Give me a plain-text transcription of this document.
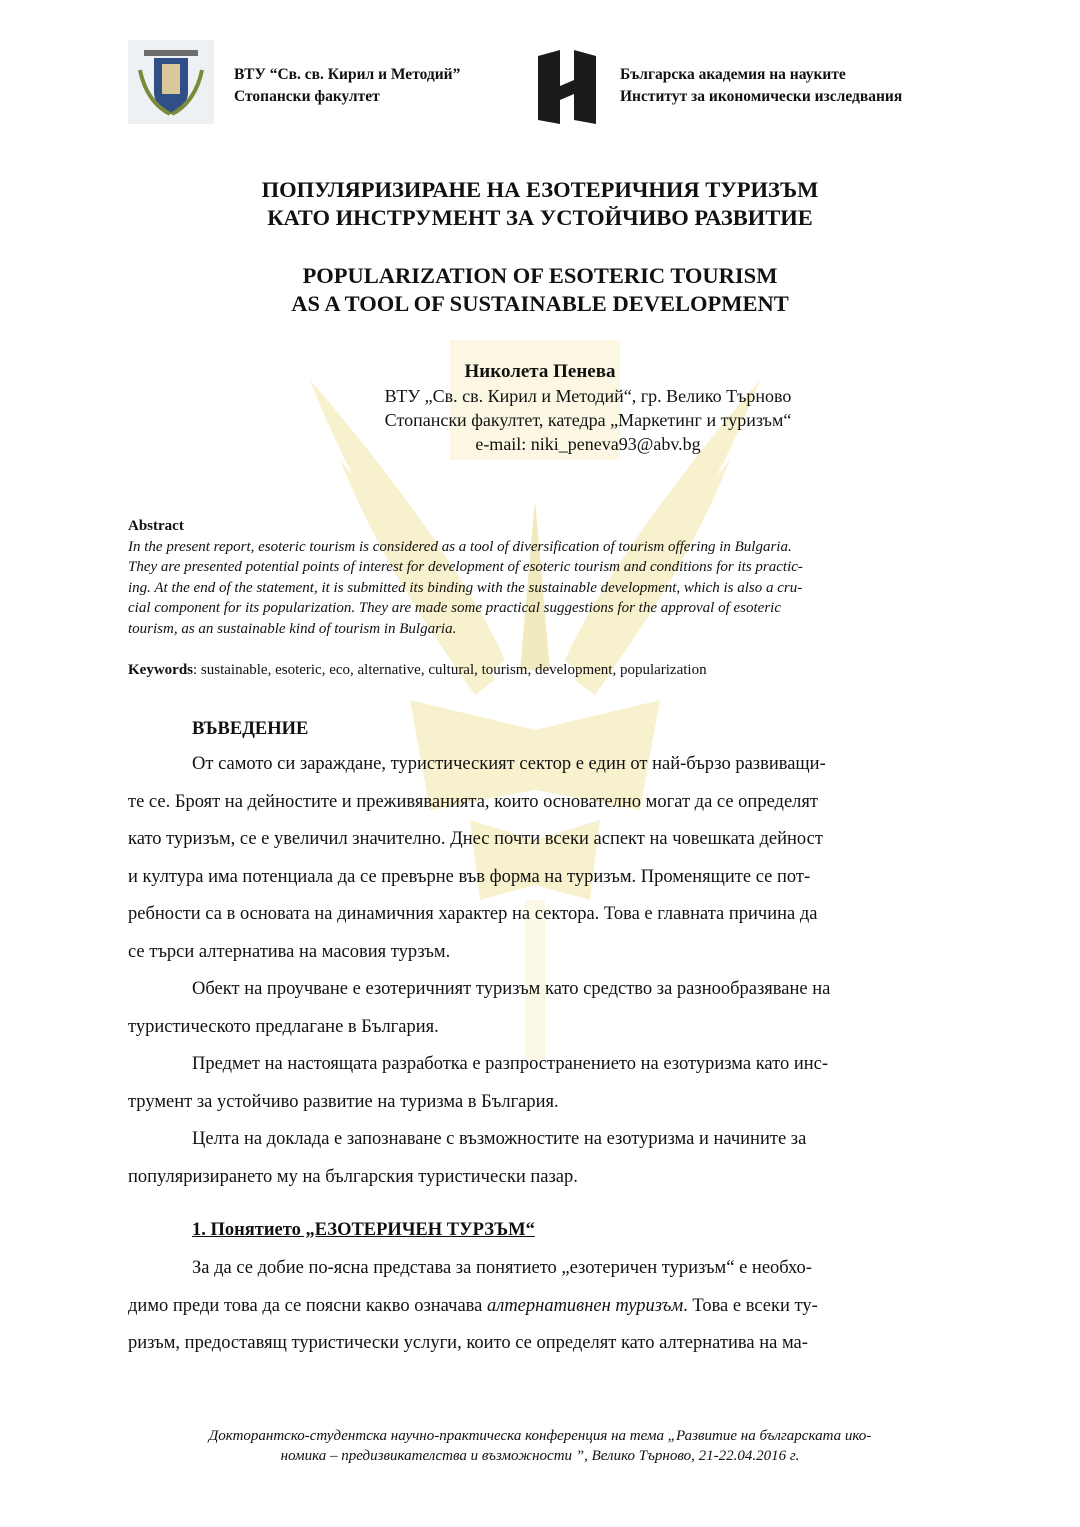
ВТУ “Св. св. Кирил и Методий”
Стопански факултет
Българска академия на науките
Институт за икономически изследвания
ПОПУЛЯРИЗИРАНЕ НА ЕЗОТЕРИЧНИЯ ТУРИЗЪМ
КАТО ИНСТРУМЕНТ ЗА УСТОЙЧИВО РАЗВИТИЕ
POPULARIZATION OF ESOTERIC TOURISM
AS A TOOL OF SUSTAINABLE DEVELOPMENT
Николета Пенева
ВТУ „Св. св. Кирил и Методий“, гр. Велико Търново
Стопански факултет, катедра „Маркетинг и туризъм“
e-mail: niki_peneva93@abv.bg
Abstract
In the present report, esoteric tourism is considered as a tool of diversification of tourism offering in Bulgaria.
They are presented potential points of interest for development of esoteric tourism and conditions for its practic-
ing. At the end of the statement, it is submitted its binding with the sustainable development, which is also a cru-
cial component for its popularization. They are made some practical suggestions for the approval of esoteric
tourism, as an sustainable kind of tourism in Bulgaria.
Keywords: sustainable, esoteric, eco, alternative, cultural, tourism, development, popularization
ВЪВЕДЕНИЕ
От самото си зараждане, туристическият сектор е един от най-бързо развиващи-
те се. Броят на дейностите и преживяванията, които основателно могат да се определят
като туризъм, се е увеличил значително. Днес почти всеки аспект на човешката дейност
и култура има потенциала да се превърне във форма на туризъм. Променящите се пот-
ребности са в основата на динамичния характер на сектора. Това е главната причина да
се търси алтернатива на масовия турзъм.
Обект на проучване е езотеричният туризъм като средство за разнообразяване на
туристическото предлагане в България.
Предмет на настоящата разработка е разпространението на езотуризма като инс-
трумент за устойчиво развитие на туризма в България.
Целта на доклада е запознаване с възможностите на езотуризма и начините за
популяризирането му на българския туристически пазар.
1. Понятието „ЕЗОТЕРИЧЕН ТУРЗЪМ“
За да се добие по-ясна представа за понятието „езотеричен туризъм“ е необхо-
димо преди това да се поясни какво означава алтернативнен туризъм. Това е всеки ту-
ризъм, предоставящ туристически услуги, които се определят като алтернатива на ма-
Докторантско-студентска научно-практическа конференция на тема „Развитие на българската ико-
номика – предизвикателства и възможности ”, Велико Търново, 21-22.04.2016 г.
